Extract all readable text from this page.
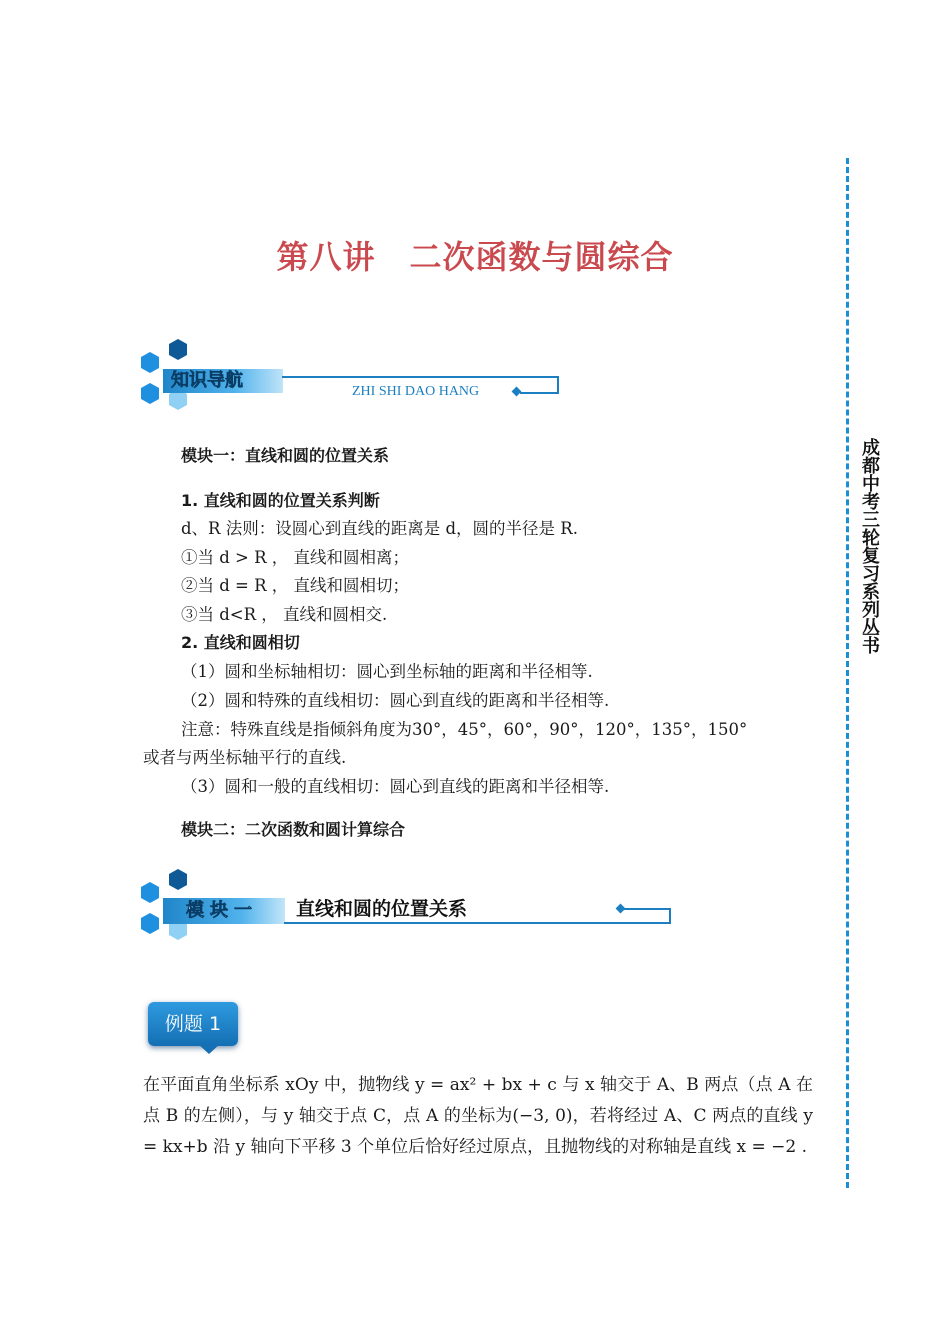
成都中考三轮复习系列丛书
第八讲 二次函数与圆综合
知识导航
ZHI SHI DAO HANG
模块一：直线和圆的位置关系
1. 直线和圆的位置关系判断
d、R 法则：设圆心到直线的距离是 d，圆的半径是 R.
①当 d > R ， 直线和圆相离；
②当 d = R ， 直线和圆相切；
③当 d<R ， 直线和圆相交.
2. 直线和圆相切
（1）圆和坐标轴相切：圆心到坐标轴的距离和半径相等.
（2）圆和特殊的直线相切：圆心到直线的距离和半径相等.
注意：特殊直线是指倾斜角度为30°，45°，60°，90°，120°，135°，150°
或者与两坐标轴平行的直线.
（3）圆和一般的直线相切：圆心到直线的距离和半径相等.
模块二：二次函数和圆计算综合
模块一 直线和圆的位置关系
例题 1
在平面直角坐标系 xOy 中，抛物线 y = ax² + bx + c 与 x 轴交于 A、B 两点（点 A 在点 B 的左侧），与 y 轴交于点 C，点 A 的坐标为(−3, 0)，若将经过 A、C 两点的直线 y = kx+b 沿 y 轴向下平移 3 个单位后恰好经过原点，且抛物线的对称轴是直线 x = −2 .
